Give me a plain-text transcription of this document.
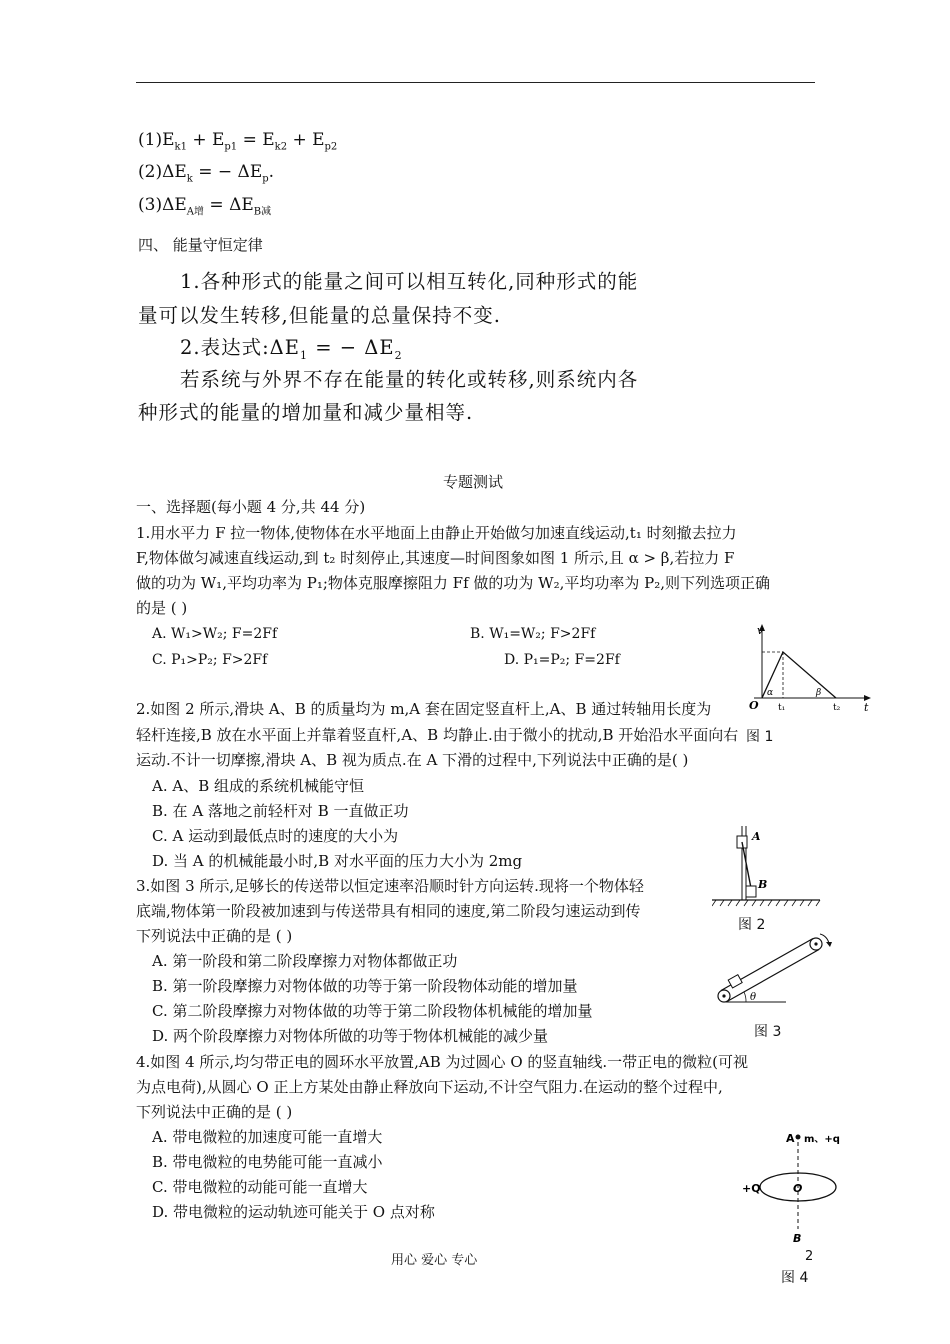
$(1)E_{k1} + E_{p1} = E_{k2} + E_{p2}$
$(2)\Delta E_k$ = − $\Delta E_p$.
$(3)\Delta E_{A增} = \Delta E_{B减}$
四、 能量守恒定律
1.各种形式的能量之间可以相互转化,同种形式的能
量可以发生转移,但能量的总量保持不变.
2.表达式$:\Delta E_1$ = − $\Delta E_2$
若系统与外界不存在能量的转化或转移,则系统内各
种形式的能量的增加量和减少量相等.
专题测试
一、选择题(每小题 4 分,共 44 分)
1.用水平力 F 拉一物体,使物体在水平地面上由静止开始做匀加速直线运动,t₁ 时刻撤去拉力
F,物体做匀减速直线运动,到 t₂ 时刻停止,其速度—时间图象如图 1 所示,且 α > β,若拉力 F
做的功为 W₁,平均功率为 P₁;物体克服摩擦阻力 Ff 做的功为 W₂,平均功率为 P₂,则下列选项正确
的是 ( )
A. W₁>W₂; F=2Ff	B. W₁=W₂; F>2Ff
C. P₁>P₂; F>2Ff	D. P₁=P₂; F=2Ff
v
t
O t₁	t₂
α	β
图 1
2.如图 2 所示,滑块 A、B 的质量均为 m,A 套在固定竖直杆上,A、B 通过转轴用长度为
轻杆连接,B 放在水平面上并靠着竖直杆,A、B 均静止.由于微小的扰动,B 开始沿水平面向右
运动.不计一切摩擦,滑块 A、B 视为质点.在 A 下滑的过程中,下列说法中正确的是( )
A. A、B 组成的系统机械能守恒
B. 在 A 落地之前轻杆对 B 一直做正功
C. A 运动到最低点时的速度的大小为
D. 当 A 的机械能最小时,B 对水平面的压力大小为 2mg
A
B
图 2
3.如图 3 所示,足够长的传送带以恒定速率沿顺时针方向运转.现将一个物体轻
底端,物体第一阶段被加速到与传送带具有相同的速度,第二阶段匀速运动到传
下列说法中正确的是 ( )
A. 第一阶段和第二阶段摩擦力对物体都做正功
B. 第一阶段摩擦力对物体做的功等于第一阶段物体动能的增加量
C. 第二阶段摩擦力对物体做的功等于第二阶段物体机械能的增加量
D. 两个阶段摩擦力对物体所做的功等于物体机械能的减少量
θ
图 3
4.如图 4 所示,均匀带正电的圆环水平放置,AB 为过圆心 O 的竖直轴线.一带正电的微粒(可视
为点电荷),从圆心 O 正上方某处由静止释放向下运动,不计空气阻力.在运动的整个过程中,
下列说法中正确的是 ( )
A. 带电微粒的加速度可能一直增大
B. 带电微粒的电势能可能一直减小
C. 带电微粒的动能可能一直增大
D. 带电微粒的运动轨迹可能关于 O 点对称
A m、+q
+Q	O
B
图 4
用心 爱心 专心	2
